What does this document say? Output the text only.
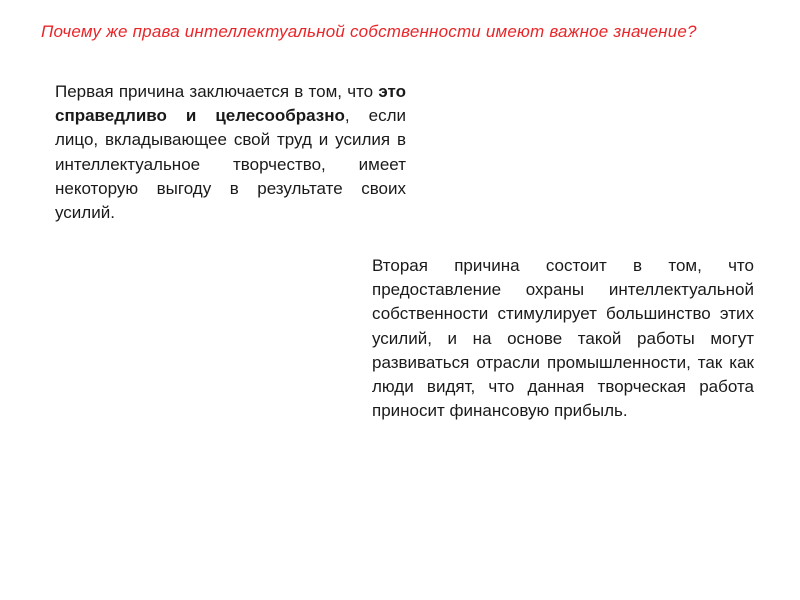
Почему же права интеллектуальной собственности имеют важное значение?

Первая причина заключается в том, что это справедливо и целесообразно, если лицо, вкладывающее свой труд и усилия в интеллектуальное творчество, имеет некоторую выгоду в результате своих усилий.

Вторая причина состоит в том, что предоставление охраны интеллектуальной собственности стимулирует большинство этих усилий, и на основе такой работы могут развиваться отрасли промышленности, так как люди видят, что данная творческая работа приносит финансовую прибыль.
